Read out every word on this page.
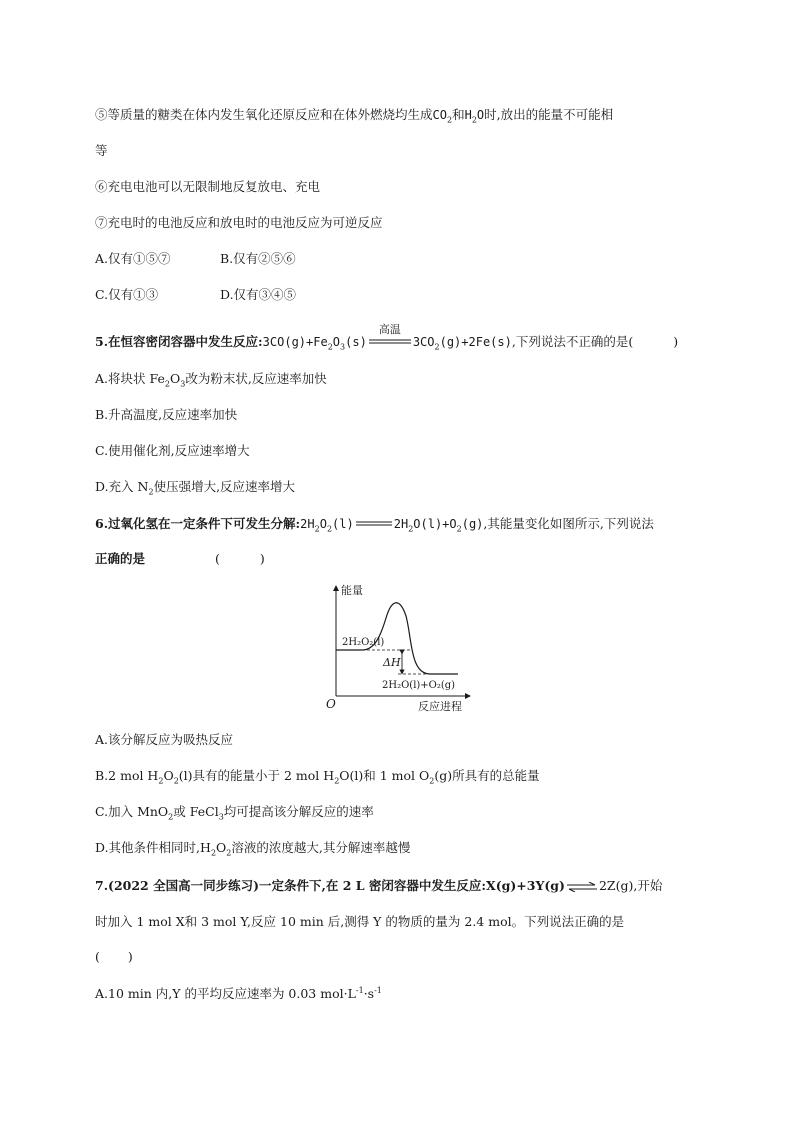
⑤等质量的糖类在体内发生氧化还原反应和在体外燃烧均生成$CO_2$和$H_2O$时,放出的能量不可能相
等
⑥充电电池可以无限制地反复放电、充电
⑦充电时的电池反应和放电时的电池反应为可逆反应
A.仅有①⑤⑦	B.仅有②⑤⑥
C.仅有①③	D.仅有③④⑤
5.在恒容密闭容器中发生反应$:3CO(g)+Fe_2O_3(s)$
高温
$3CO_2(g)+2Fe(s)$,下列说法不正确的是(	)
A.将块状 $Fe_2O_3$改为粉末状,反应速率加快
B.升高温度,反应速率加快
C.使用催化剂,反应速率增大
D.充入 $N_2$使压强增大,反应速率增大
6.过氧化氢在一定条件下可发生分解$:2H_2O_2(l)$	$2H_2O(l)+O_2(g)$,其能量变化如图所示,下列说法
正确的是	(	)
能量
反应进程
O
2H₂O₂(l)
ΔH
2H₂O(l)+O₂(g)
A.该分解反应为吸热反应
B.2 mol $H_2O_2(l)$具有的能量小于 2 mol $H_2O(l)$和 1 mol $O_2(g)$所具有的总能量
C.加入 MnO$_2$或 FeCl$_3$均可提高该分解反应的速率
D.其他条件相同时$,H_2O_2$溶液的浓度越大,其分解速率越慢
7.(2022 全国高一同步练习)一定条件下,在 2 L 密闭容器中发生反应:X(g)+3Y(g) ⇌ 2Z(g),开始
时加入 1 mol X和 3 mol Y,反应 10 min 后,测得 Y 的物质的量为 2.4 mol。下列说法正确的是
( )
A.10 min 内,Y 的平均反应速率为 0.03 $mol\cdot L^{-1}\cdot s^{-1}$
